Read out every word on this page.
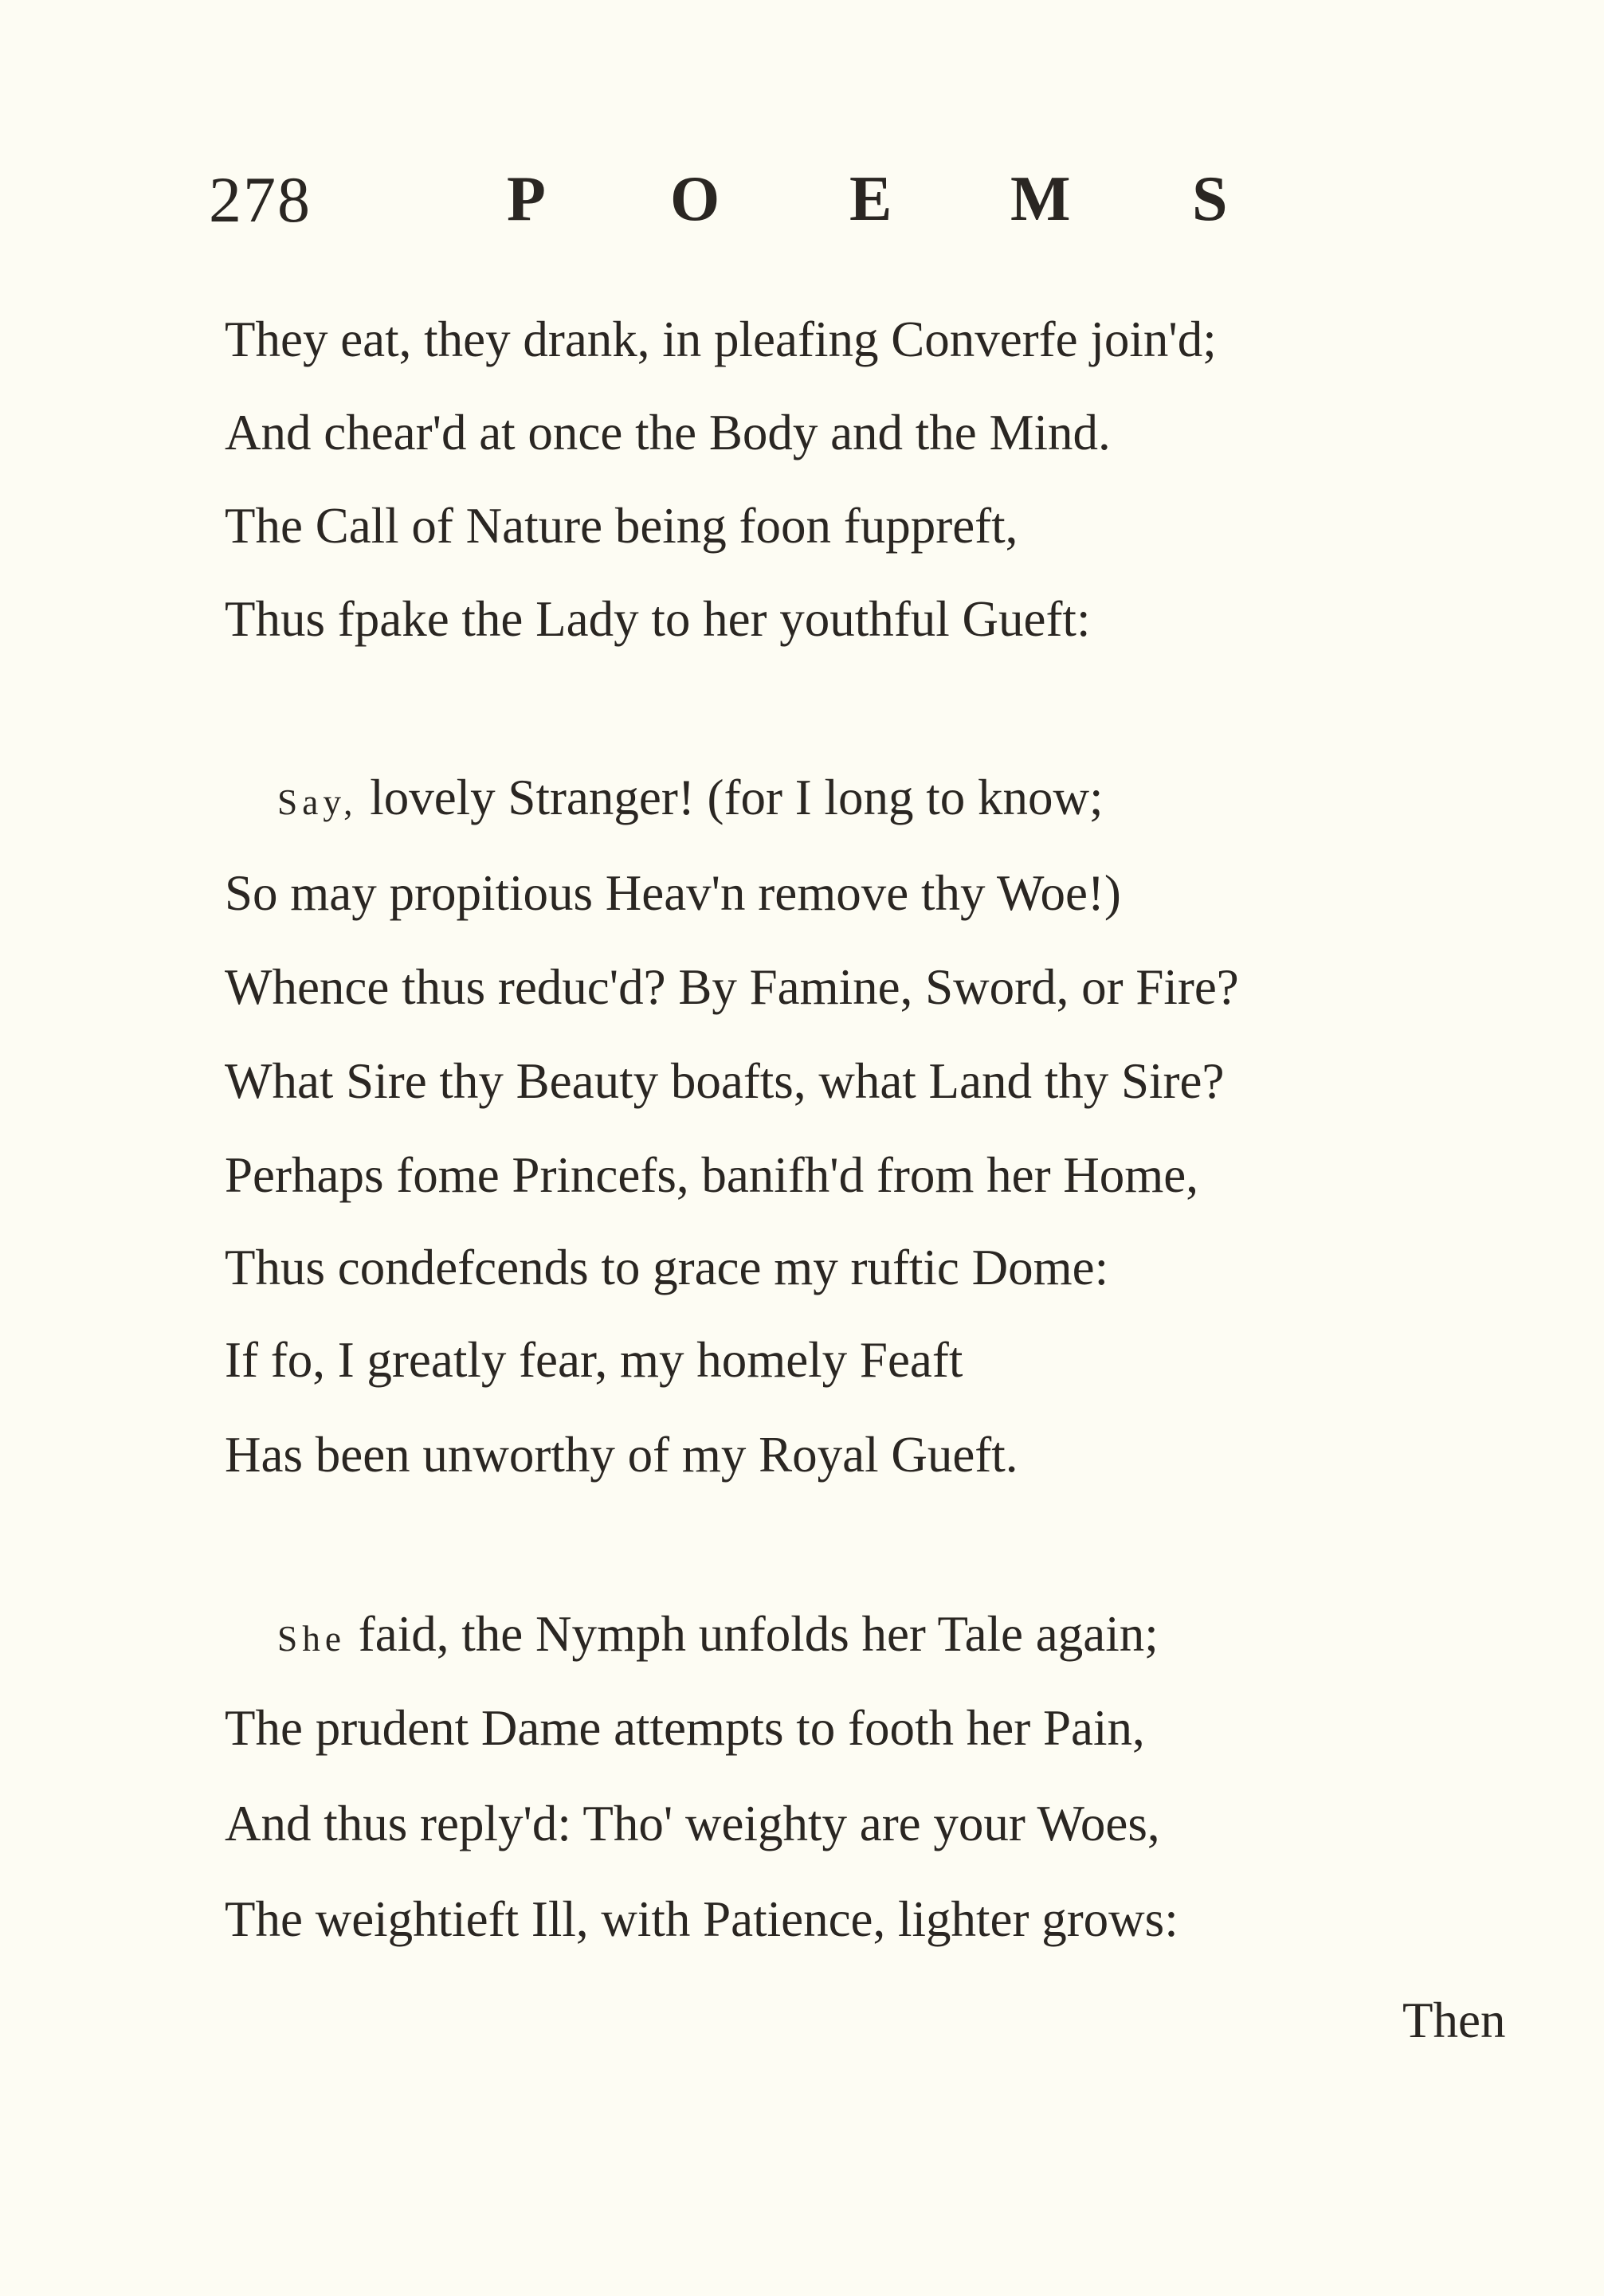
278	P O E M S
They eat, they drank, in pleafing Converfe join'd;
And chear'd at once the Body and the Mind.
The Call of Nature being foon fuppreft,
Thus fpake the Lady to her youthful Gueft:
Say, lovely Stranger! (for I long to know;
So may propitious Heav'n remove thy Woe!)
Whence thus reduc'd? By Famine, Sword, or Fire?
What Sire thy Beauty boafts, what Land thy Sire?
Perhaps fome Princefs, banifh'd from her Home,
Thus condefcends to grace my ruftic Dome:
If fo, I greatly fear, my homely Feaft
Has been unworthy of my Royal Gueft.
She faid, the Nymph unfolds her Tale again;
The prudent Dame attempts to footh her Pain,
And thus reply'd: Tho' weighty are your Woes,
The weightieft Ill, with Patience, lighter grows:
Then
